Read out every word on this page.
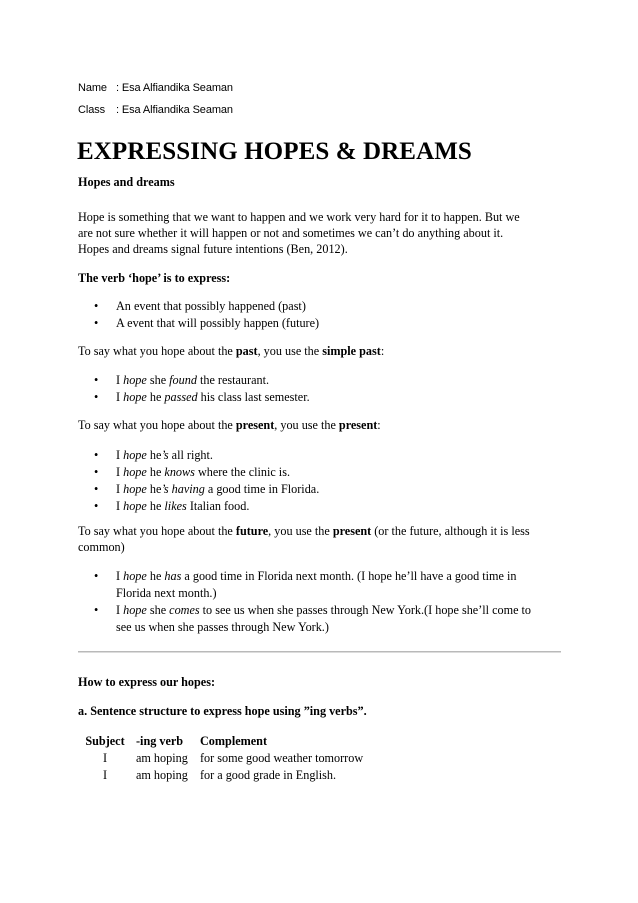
Name : Esa Alfiandika Seaman
Class : Esa Alfiandika Seaman
EXPRESSING HOPES & DREAMS
Hopes and dreams
Hope is something that we want to happen and we work very hard for it to happen. But we
are not sure whether it will happen or not and sometimes we can’t do anything about it.
Hopes and dreams signal future intentions (Ben, 2012).
The verb ‘hope’ is to express:
• An event that possibly happened (past)
• A event that will possibly happen (future)
To say what you hope about the past, you use the simple past:
• I hope she found the restaurant.
• I hope he passed his class last semester.
To say what you hope about the present, you use the present:
• I hope he’s all right.
• I hope he knows where the clinic is.
• I hope he’s having a good time in Florida.
• I hope he likes Italian food.
To say what you hope about the future, you use the present (or the future, although it is less
common)
• I hope he has a good time in Florida next month. (I hope he’ll have a good time in
Florida next month.)
• I hope she comes to see us when she passes through New York.(I hope she’ll come to
see us when she passes through New York.)
How to express our hopes:
a. Sentence structure to express hope using ”ing verbs”.
Subject -ing verb Complement
I	am hoping for some good weather tomorrow
I	am hoping for a good grade in English.
